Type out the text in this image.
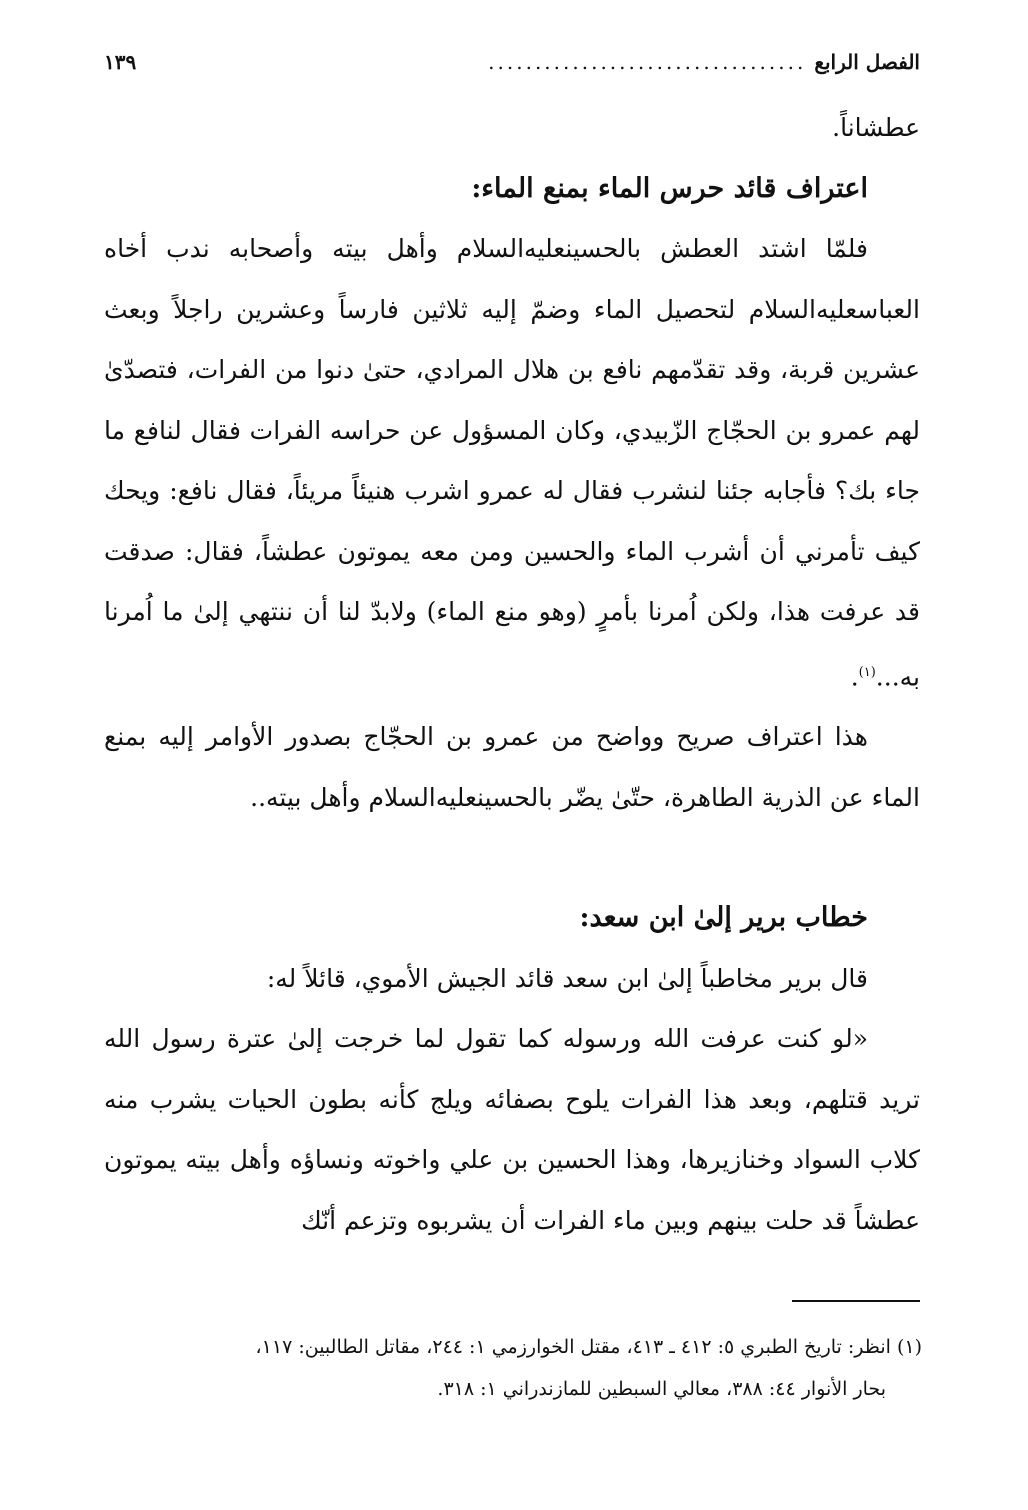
الفصل الرابع
..................................
١٣٩

عطشاناً.

اعتراف قائد حرس الماء بمنع الماء:

فلمّا اشتد العطش بالحسينعليه‌السلام وأهل بيته وأصحابه ندب أخاه العباسعليه‌السلام لتحصيل الماء وضمّ إليه ثلاثين فارساً وعشرين راجلاً وبعث عشرين قربة، وقد تقدّمهم نافع بن هلال المرادي، حتىٰ دنوا من الفرات، فتصدّىٰ لهم عمرو بن الحجّاج الزّبيدي، وكان المسؤول عن حراسه الفرات فقال لنافع ما جاء بك؟ فأجابه جئنا لنشرب فقال له عمرو اشرب هنيئاً مريئاً، فقال نافع: ويحك كيف تأمرني أن أشرب الماء والحسين ومن معه يموتون عطشاً، فقال: صدقت قد عرفت هذا، ولكن اُمرنا بأمرٍ (وهو منع الماء) ولابدّ لنا أن ننتهي إلىٰ ما اُمرنا به...$^{(١)}$.

هذا اعتراف صريح وواضح من عمرو بن الحجّاج بصدور الأوامر إليه بمنع الماء عن الذرية الطاهرة، حتّىٰ يضّر بالحسينعليه‌السلام وأهل بيته..

خطاب برير إلىٰ ابن سعد:

قال برير مخاطباً إلىٰ ابن سعد قائد الجيش الأموي، قائلاً له:

«لو كنت عرفت الله ورسوله كما تقول لما خرجت إلىٰ عترة رسول الله تريد قتلهم، وبعد هذا الفرات يلوح بصفائه ويلج كأنه بطون الحيات يشرب منه كلاب السواد وخنازيرها، وهذا الحسين بن علي واخوته ونساؤه وأهل بيته يموتون عطشاً قد حلت بينهم وبين ماء الفرات أن يشربوه وتزعم أنّك

(١) انظر: تاريخ الطبري ٥: ٤١٢ ـ ٤١٣، مقتل الخوارزمي ١: ٢٤٤، مقاتل الطالبين: ١١٧،

بحار الأنوار ٤٤: ٣٨٨، معالي السبطين للمازندراني ١: ٣١٨.
